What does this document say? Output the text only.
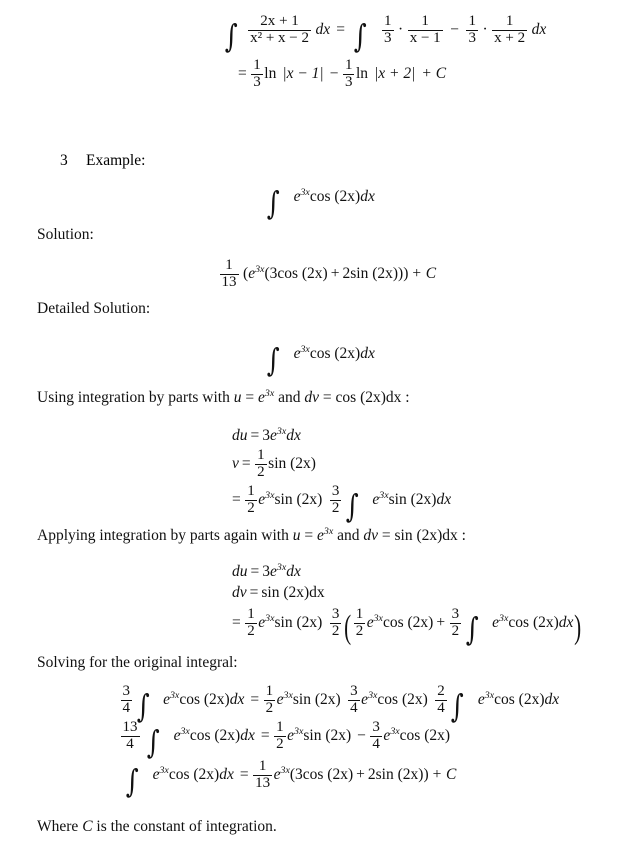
∫ $\frac{2x + 1}{\text{x² + x − 2}}$ dx = ∫ $\frac{1}{3} \cdot \frac{1}{x - 1} - \frac{1}{3} \cdot \frac{1}{x + 2}$ dx
= $\frac{1}{3}$ $\ln |x - 1| - \frac{1}{3}$ ln |x + 2| + C
3 Example:
∫ $e^{3x}\cos$ (2x)dx
Solution:
$\frac{1}{13} (e^{3x}(3\cos$ (2x) + 2sin (2x))) + C
Detailed Solution:
∫ $e^{3x}\cos$ (2x)dx
Using integration by parts with $u = e^{3x}$ and dv = cos (2x)dx :
du = $3e^{3x}dx$
$v = \frac{1}{2}$ sin (2x)
= $\frac{1}{2} e^{3x}\sin$ $(2x) \frac{3}{2}$ ∫ $e^{3x}\sin$ (2x)dx
Applying integration by parts again with $u = e^{3x}$ and dv = sin (2x)dx :
du = $3e^{3x}dx$
dv = sin (2x)dx
= $\frac{1}{2} e^{3x}\sin$ $(2x) \frac{3}{2}$ ( $\frac{1}{2} e^{3x}\cos$ $(2x) + \frac{3}{2}$ ∫ $e^{3x}\cos$ (2x)dx)
Solving for the original integral:
$\frac{3}{4}$ ∫ $e^{3x}\cos$ $(2x)dx = \frac{1}{2} e^{3x}\sin$ $(2x) \frac{3}{4} e^{3x}\cos$ $(2x) \frac{2}{4}$ ∫ $e^{3x}\cos$ (2x)dx
$\frac{13}{4}$ ∫ $e^{3x}\cos$ $(2x)dx = \frac{1}{2} e^{3x}\sin$ $(2x) - \frac{3}{4} e^{3x}\cos$ (2x)
∫ $e^{3x}\cos$ $(2x)dx = \frac{1}{13} e^{3x}(3\cos$ (2x) + 2sin (2x)) + C
Where C is the constant of integration.
